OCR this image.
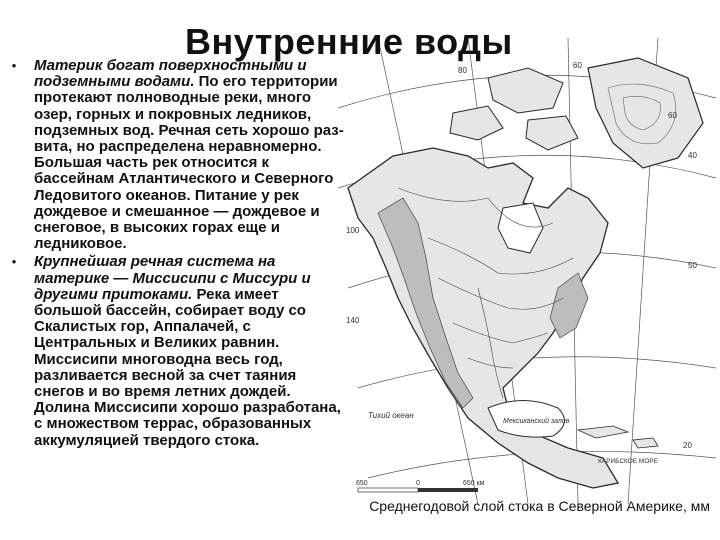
Внутренние воды
• Материк богат поверхностными и подземными водами. По его территории протекают полноводные реки, много озер, горных и покровных ледников, подземных вод. Речная сеть хорошо раз-вита, но распределена неравномерно. Большая часть рек относится к бассейнам Атлантического и Северного Ледовитого океанов. Питание у рек дождевое и смешанное — дождевое и снеговое, в высоких горах еще и ледниковое.
• Крупнейшая речная система на материке — Миссисипи с Миссури и другими притоками. Река имеет большой бассейн, собирает воду со Скалистых гор, Аппалачей, с Центральных и Великих равнин. Миссисипи многоводна весь год, разливается весной за счет таяния снегов и во время летних дождей. Долина Миссисипи хорошо разработана, с множеством террас, образованных аккумуляцией твердого стока.
80
60
100
140
40
50
60
20
Мексиканский залив
КАРИБСКОЕ МОРЕ
Тихий океан
650	0	650 км
Среднегодовой слой стока в Северной Америке, мм
